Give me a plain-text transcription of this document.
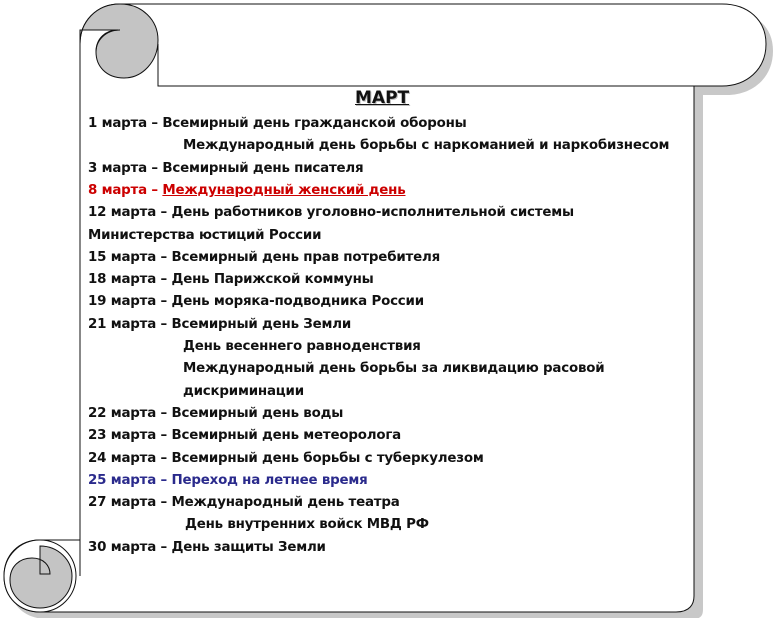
МАРТ
1 марта – Всемирный день гражданской обороны
Международный день борьбы с наркоманией и наркобизнесом
3 марта – Всемирный день писателя
8 марта – Международный женский день
12 марта – День работников уголовно-исполнительной системы
Министерства юстиций России
15 марта – Всемирный день прав потребителя
18 марта – День Парижской коммуны
19 марта – День моряка-подводника России
21 марта – Всемирный день Земли
День весеннего равноденствия
Международный день борьбы за ликвидацию расовой
дискриминации
22 марта – Всемирный день воды
23 марта – Всемирный день метеоролога
24 марта – Всемирный день борьбы с туберкулезом
25 марта – Переход на летнее время
27 марта – Международный день театра
День внутренних войск МВД РФ
30 марта – День защиты Земли
